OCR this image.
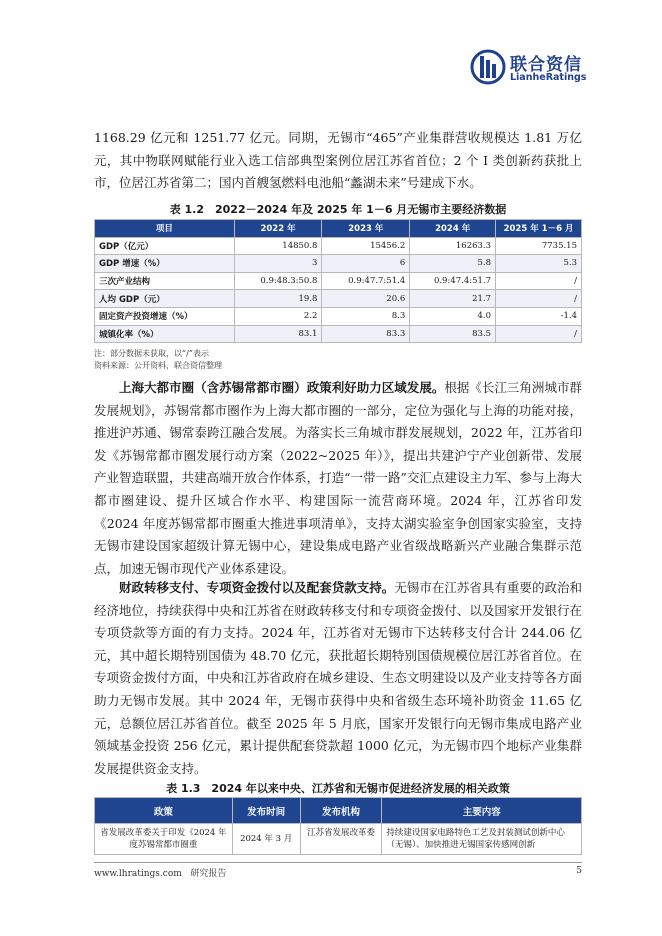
联合资信
LianheRatings
1168.29 亿元和 1251.77 亿元。同期，无锡市“465”产业集群营收规模达 1.81 万亿元，其中物联网赋能行业入选工信部典型案例位居江苏省首位；2 个 I 类创新药获批上市，位居江苏省第二；国内首艘氢燃料电池船“蠡湖未来”号建成下水。
表 1.2　2022－2024 年及 2025 年 1－6 月无锡市主要经济数据
项目	2022 年	2023 年	2024 年	2025 年 1－6 月
GDP（亿元）	14850.8	15456.2	16263.3	7735.15
GDP 增速（%）	3	6	5.8	5.3
三次产业结构	0.9:48.3:50.8	0.9:47.7:51.4	0.9:47.4:51.7	/
人均 GDP（元）	19.8	20.6	21.7	/
固定资产投资增速（%）	2.2	8.3	4.0	-1.4
城镇化率（%）	83.1	83.3	83.5	/
注：部分数据未获取，以“/”表示
资料来源：公开资料，联合资信整理
上海大都市圈（含苏锡常都市圈）政策利好助力区域发展。根据《长江三角洲城市群发展规划》，苏锡常都市圈作为上海大都市圈的一部分，定位为强化与上海的功能对接，推进沪苏通、锡常泰跨江融合发展。为落实长三角城市群发展规划，2022 年，江苏省印发《苏锡常都市圈发展行动方案（2022~2025 年）》，提出共建沪宁产业创新带、发展产业智造联盟，共建高端开放合作体系，打造“一带一路”交汇点建设主力军、参与上海大都市圈建设、提升区域合作水平、构建国际一流营商环境。2024 年，江苏省印发《2024 年度苏锡常都市圈重大推进事项清单》，支持太湖实验室争创国家实验室，支持无锡市建设国家超级计算无锡中心，建设集成电路产业省级战略新兴产业融合集群示范点，加速无锡市现代产业体系建设。
财政转移支付、专项资金拨付以及配套贷款支持。无锡市在江苏省具有重要的政治和经济地位，持续获得中央和江苏省在财政转移支付和专项资金拨付、以及国家开发银行在专项贷款等方面的有力支持。2024 年，江苏省对无锡市下达转移支付合计 244.06 亿元，其中超长期特别国债为 48.70 亿元，获批超长期特别国债规模位居江苏省首位。在专项资金拨付方面，中央和江苏省政府在城乡建设、生态文明建设以及产业支持等各方面助力无锡市发展。其中 2024 年，无锡市获得中央和省级生态环境补助资金 11.65 亿元，总额位居江苏省首位。截至 2025 年 5 月底，国家开发银行向无锡市集成电路产业领域基金投资 256 亿元，累计提供配套贷款超 1000 亿元，为无锡市四个地标产业集群发展提供资金支持。
表 1.3　2024 年以来中央、江苏省和无锡市促进经济发展的相关政策
政策	发布时间	发布机构	主要内容
省发展改革委关于印发《2024 年度苏锡常都市圈重	2024 年 3 月	江苏省发展改革委	持续建设国家电路特色工艺及封装测试创新中心（无锡）、加快推进无锡国家传感网创新
www.lhratings.com 研究报告	5
